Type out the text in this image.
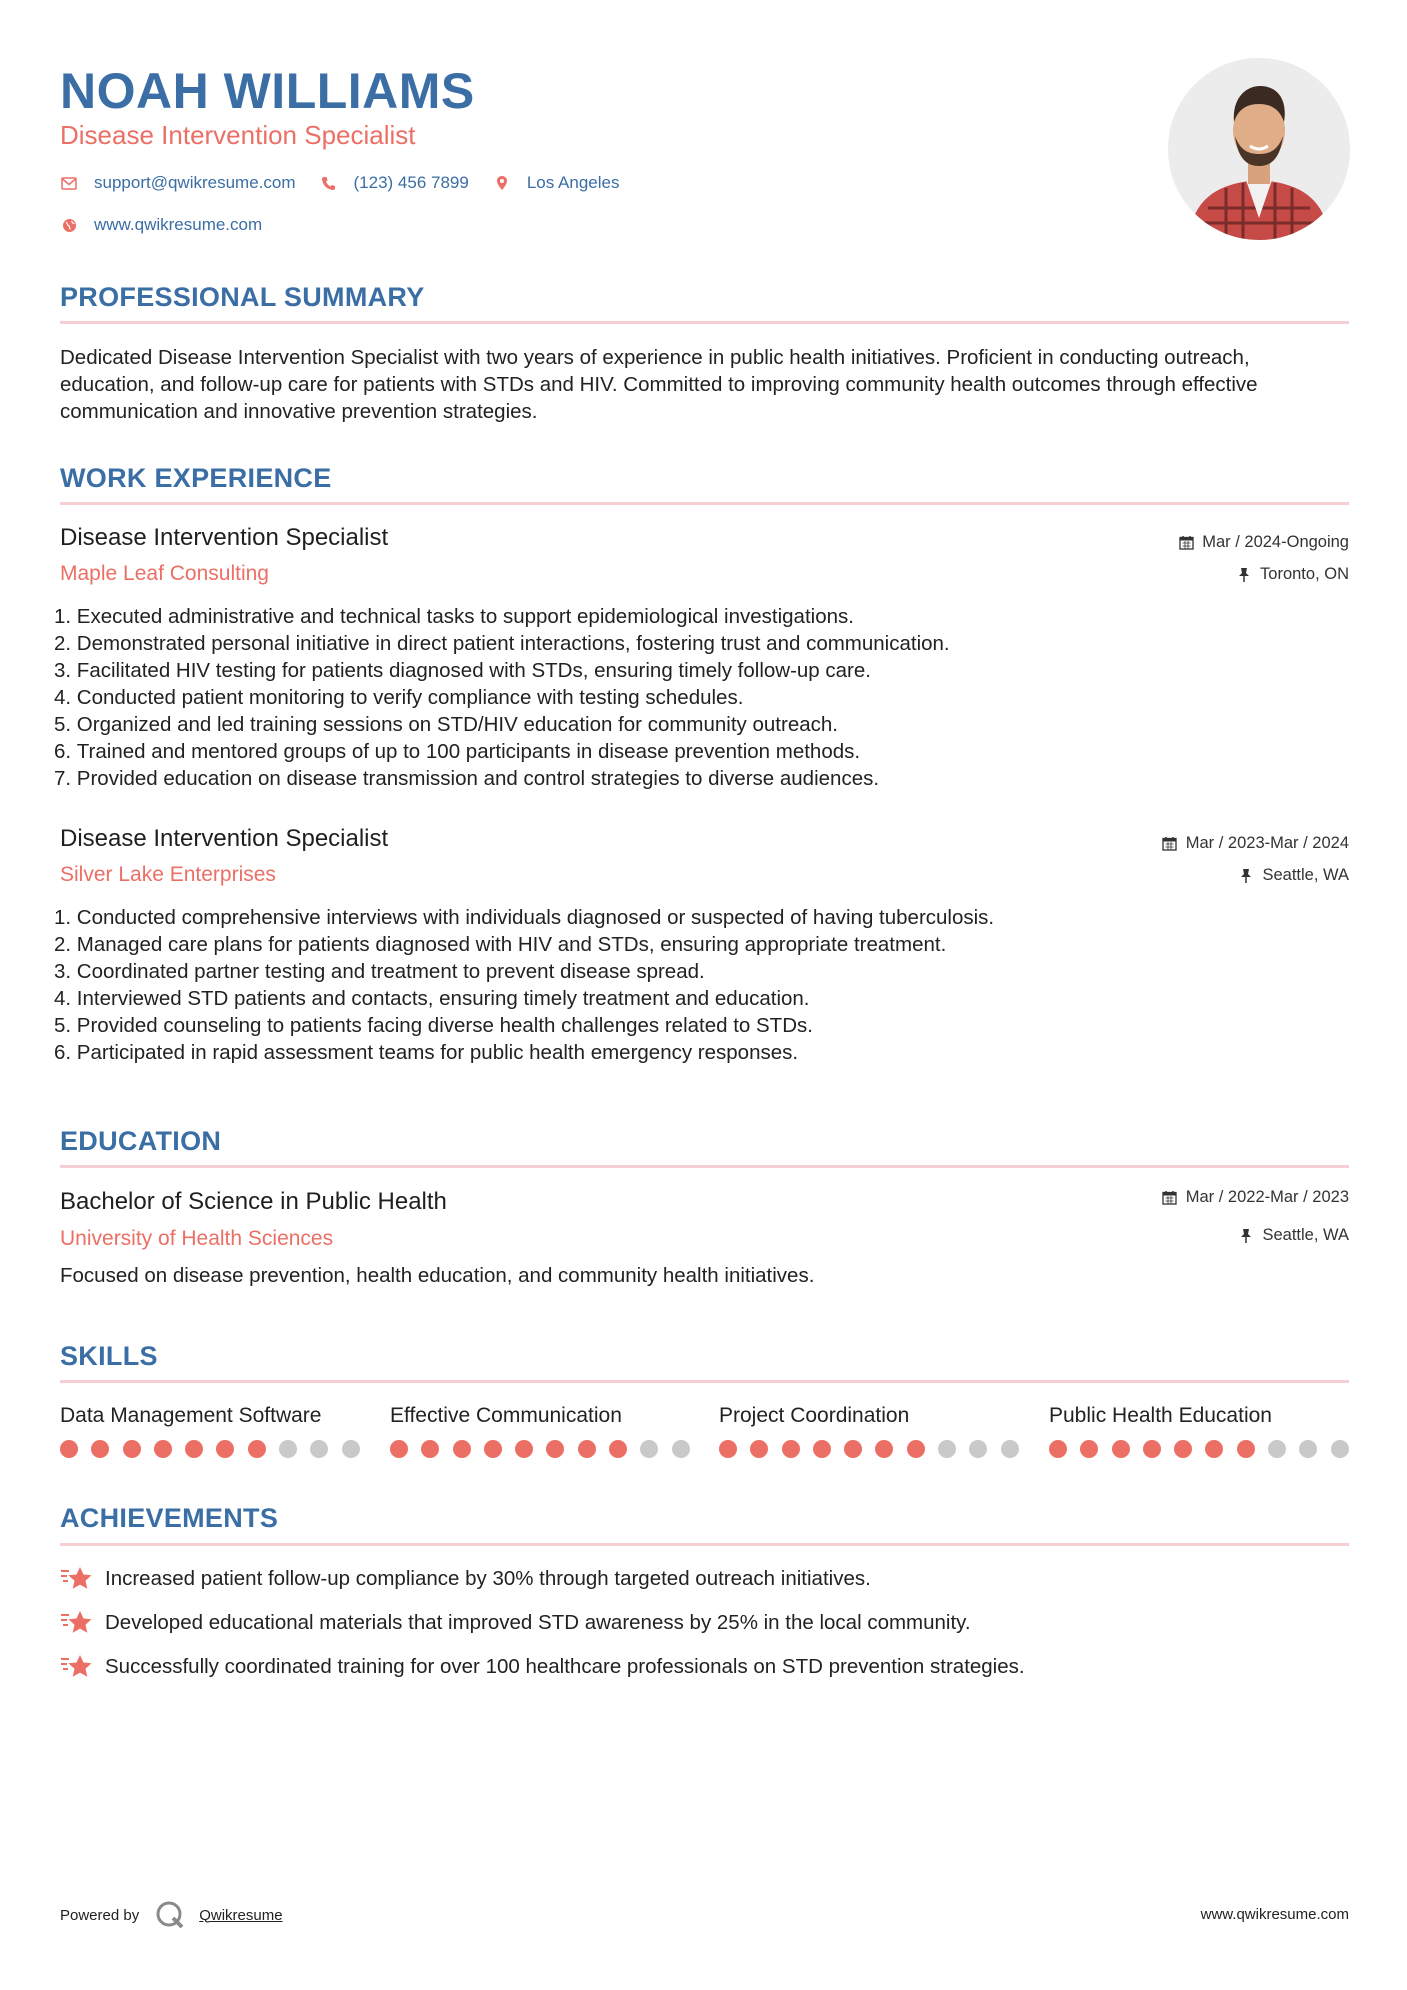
NOAH WILLIAMS
Disease Intervention Specialist
support@qwikresume.com	(123) 456 7899	Los Angeles
www.qwikresume.com
PROFESSIONAL SUMMARY
Dedicated Disease Intervention Specialist with two years of experience in public health initiatives. Proficient in conducting outreach, education, and follow-up care for patients with STDs and HIV. Committed to improving community health outcomes through effective communication and innovative prevention strategies.
WORK EXPERIENCE
Disease Intervention Specialist
Maple Leaf Consulting
Mar / 2024-Ongoing
Toronto, ON
1. Executed administrative and technical tasks to support epidemiological investigations.
2. Demonstrated personal initiative in direct patient interactions, fostering trust and communication.
3. Facilitated HIV testing for patients diagnosed with STDs, ensuring timely follow-up care.
4. Conducted patient monitoring to verify compliance with testing schedules.
5. Organized and led training sessions on STD/HIV education for community outreach.
6. Trained and mentored groups of up to 100 participants in disease prevention methods.
7. Provided education on disease transmission and control strategies to diverse audiences.
Disease Intervention Specialist
Silver Lake Enterprises
Mar / 2023-Mar / 2024
Seattle, WA
1. Conducted comprehensive interviews with individuals diagnosed or suspected of having tuberculosis.
2. Managed care plans for patients diagnosed with HIV and STDs, ensuring appropriate treatment.
3. Coordinated partner testing and treatment to prevent disease spread.
4. Interviewed STD patients and contacts, ensuring timely treatment and education.
5. Provided counseling to patients facing diverse health challenges related to STDs.
6. Participated in rapid assessment teams for public health emergency responses.
EDUCATION
Bachelor of Science in Public Health
University of Health Sciences
Mar / 2022-Mar / 2023
Seattle, WA
Focused on disease prevention, health education, and community health initiatives.
SKILLS
Data Management Software	Effective Communication	Project Coordination	Public Health Education
ACHIEVEMENTS
Increased patient follow-up compliance by 30% through targeted outreach initiatives.
Developed educational materials that improved STD awareness by 25% in the local community.
Successfully coordinated training for over 100 healthcare professionals on STD prevention strategies.
Powered by	Qwikresume	www.qwikresume.com
